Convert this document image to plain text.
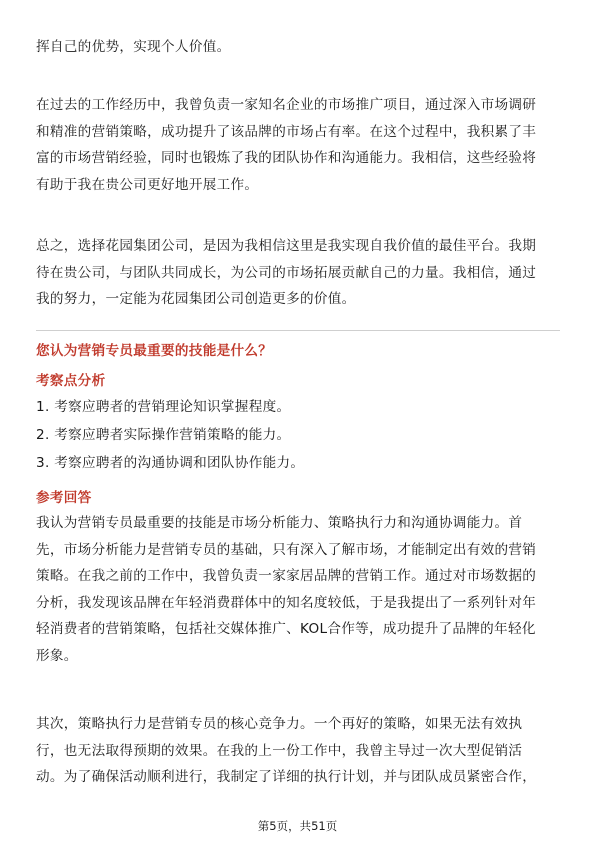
挥自己的优势，实现个人价值。
在过去的工作经历中，我曾负责一家知名企业的市场推广项目，通过深入市场调研
和精准的营销策略，成功提升了该品牌的市场占有率。在这个过程中，我积累了丰
富的市场营销经验，同时也锻炼了我的团队协作和沟通能力。我相信，这些经验将
有助于我在贵公司更好地开展工作。
总之，选择花园集团公司，是因为我相信这里是我实现自我价值的最佳平台。我期
待在贵公司，与团队共同成长，为公司的市场拓展贡献自己的力量。我相信，通过
我的努力，一定能为花园集团公司创造更多的价值。
您认为营销专员最重要的技能是什么？
考察点分析
1. 考察应聘者的营销理论知识掌握程度。
2. 考察应聘者实际操作营销策略的能力。
3. 考察应聘者的沟通协调和团队协作能力。
参考回答
我认为营销专员最重要的技能是市场分析能力、策略执行力和沟通协调能力。首
先，市场分析能力是营销专员的基础，只有深入了解市场，才能制定出有效的营销
策略。在我之前的工作中，我曾负责一家家居品牌的营销工作。通过对市场数据的
分析，我发现该品牌在年轻消费群体中的知名度较低，于是我提出了一系列针对年
轻消费者的营销策略，包括社交媒体推广、KOL合作等，成功提升了品牌的年轻化
形象。
其次，策略执行力是营销专员的核心竞争力。一个再好的策略，如果无法有效执
行，也无法取得预期的效果。在我的上一份工作中，我曾主导过一次大型促销活
动。为了确保活动顺利进行，我制定了详细的执行计划，并与团队成员紧密合作，
第5页，共51页
